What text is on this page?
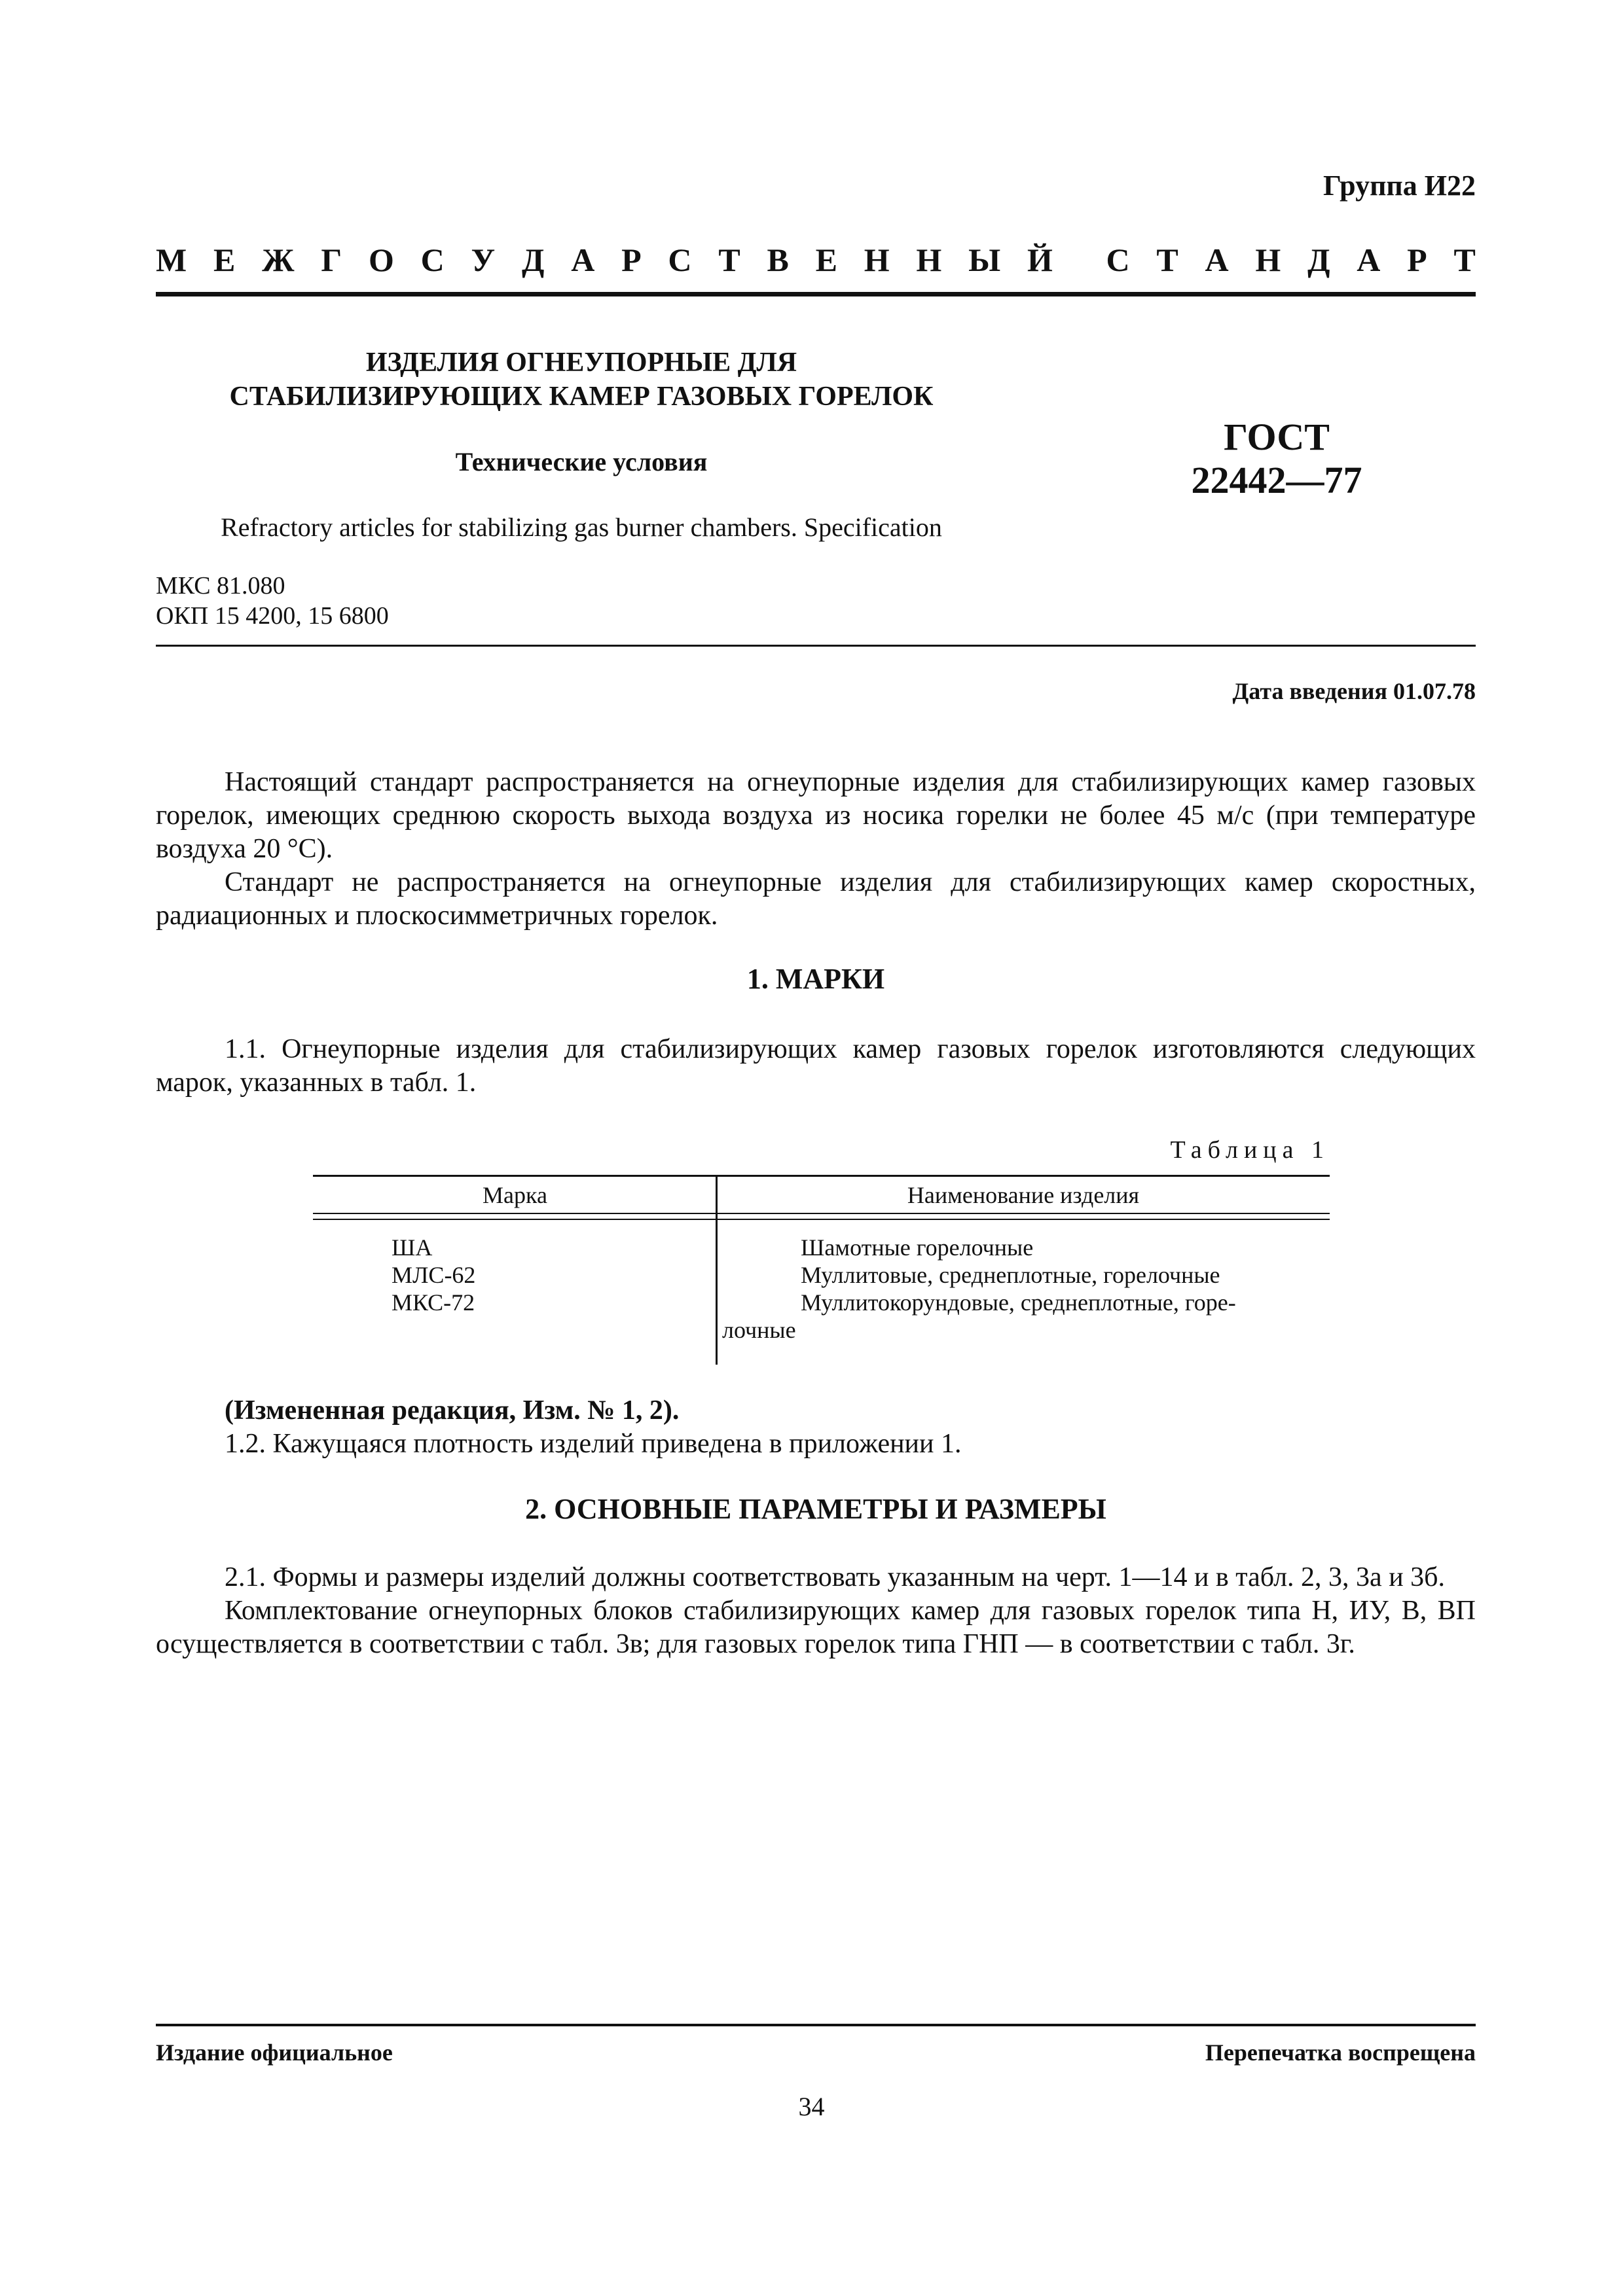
Группа И22
М Е Ж Г О С У Д А Р С Т В Е Н Н Ы Й С Т А Н Д А Р Т
ИЗДЕЛИЯ ОГНЕУПОРНЫЕ ДЛЯ
СТАБИЛИЗИРУЮЩИХ КАМЕР ГАЗОВЫХ ГОРЕЛОК
Технические условия
ГОСТ
22442—77
Refractory articles for stabilizing gas burner chambers. Specification
МКС 81.080
ОКП 15 4200, 15 6800
Дата введения 01.07.78

Настоящий стандарт распространяется на огнеупорные изделия для стабилизирующих камер газовых горелок, имеющих среднюю скорость выхода воздуха из носика горелки не более 45 м/с (при температуре воздуха 20 °С).

Стандарт не распространяется на огнеупорные изделия для стабилизирующих камер скоростных, радиационных и плоскосимметричных горелок.

1. МАРКИ

1.1. Огнеупорные изделия для стабилизирующих камер газовых горелок изготовляются следующих марок, указанных в табл. 1.

Таблица 1
Марка	Наименование изделия
ША
МЛС-62
МКС-72
Шамотные горелочные
Муллитовые, среднеплотные, горелочные
Муллитокорундовые, среднеплотные, горе-
лочные

(Измененная редакция, Изм. № 1, 2).

1.2. Кажущаяся плотность изделий приведена в приложении 1.

2. ОСНОВНЫЕ ПАРАМЕТРЫ И РАЗМЕРЫ

2.1. Формы и размеры изделий должны соответствовать указанным на черт. 1—14 и в табл. 2, 3, 3а и 3б.

Комплектование огнеупорных блоков стабилизирующих камер для газовых горелок типа Н, ИУ, В, ВП осуществляется в соответствии с табл. 3в; для газовых горелок типа ГНП — в соответствии с табл. 3г.

Издание официальное	Перепечатка воспрещена
34
